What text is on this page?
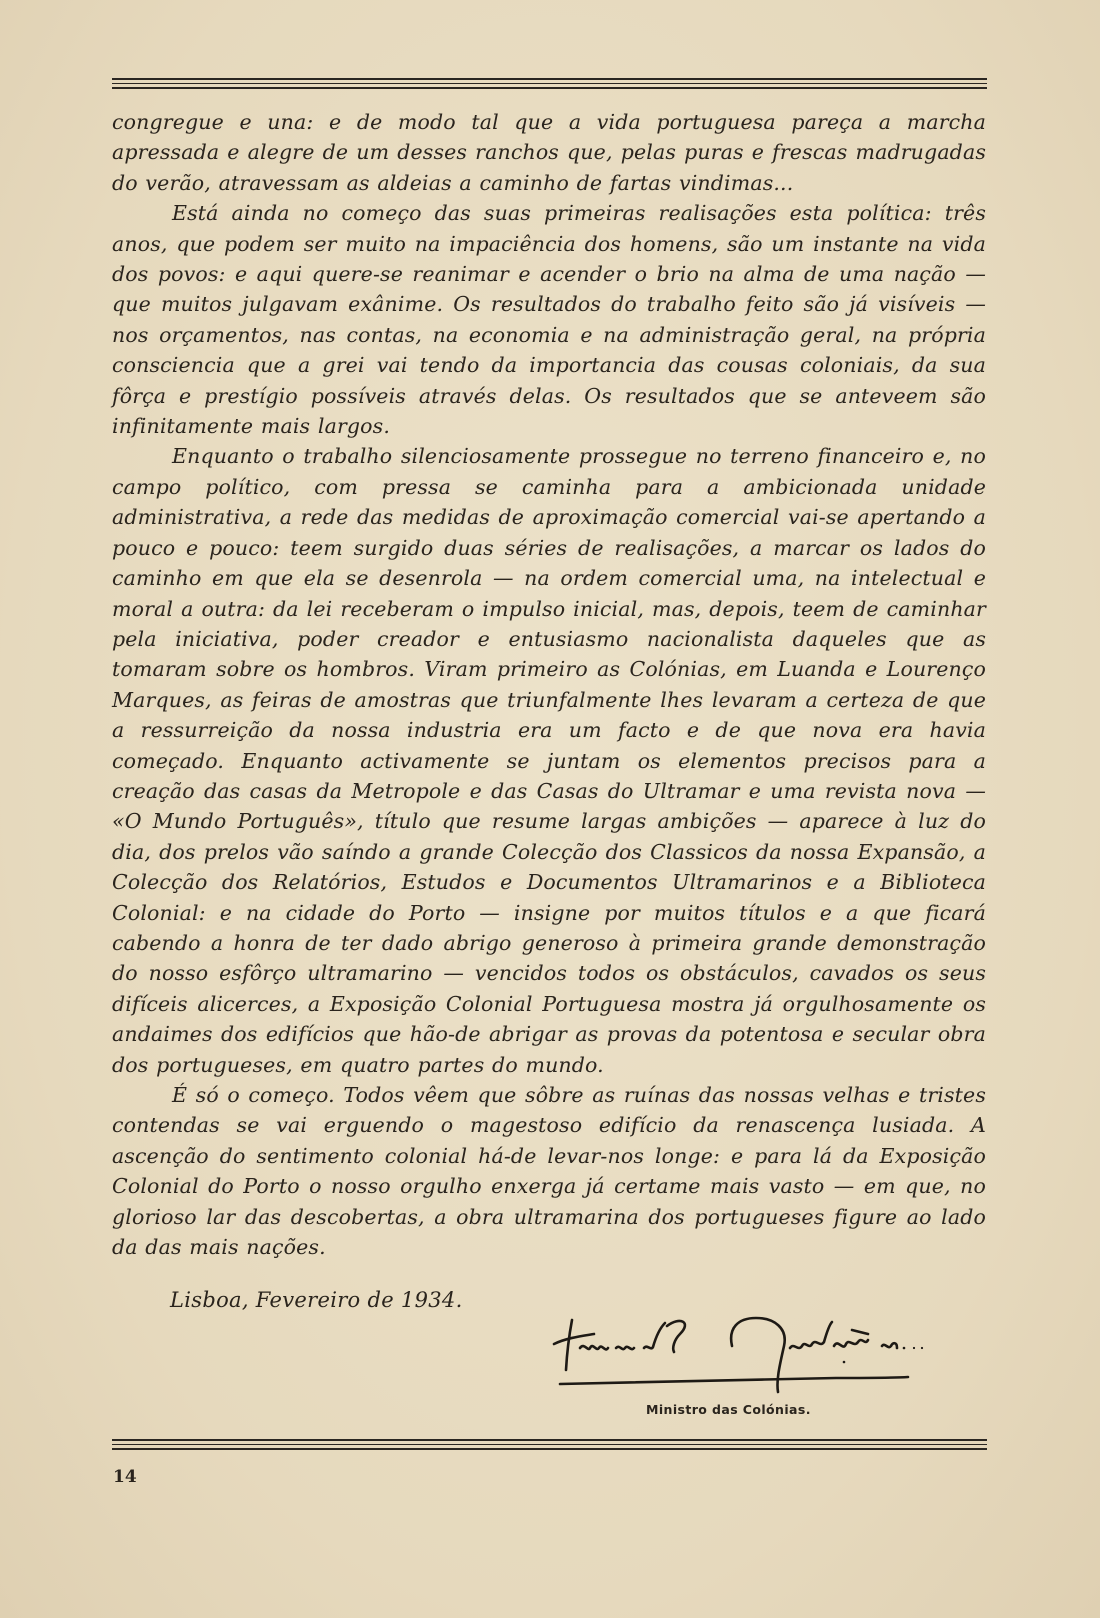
congregue e una: e de modo tal que a vida portuguesa pareça a marcha apressada e alegre de um desses ranchos que, pelas puras e frescas madrugadas do verão, atravessam as aldeias a caminho de fartas vindimas...

Está ainda no começo das suas primeiras realisações esta política: três anos, que podem ser muito na impaciência dos homens, são um instante na vida dos povos: e aqui quere-se reanimar e acender o brio na alma de uma nação — que muitos julgavam exânime. Os resultados do trabalho feito são já visíveis — nos orçamentos, nas contas, na economia e na administração geral, na própria consciencia que a grei vai tendo da importancia das cousas coloniais, da sua fôrça e prestígio possíveis através delas. Os resultados que se anteveem são infinitamente mais largos.

Enquanto o trabalho silenciosamente prossegue no terreno financeiro e, no campo político, com pressa se caminha para a ambicionada unidade administrativa, a rede das medidas de aproximação comercial vai-se apertando a pouco e pouco: teem surgido duas séries de realisações, a marcar os lados do caminho em que ela se desenrola — na ordem comercial uma, na intelectual e moral a outra: da lei receberam o impulso inicial, mas, depois, teem de caminhar pela iniciativa, poder creador e entusiasmo nacionalista daqueles que as tomaram sobre os hombros. Viram primeiro as Colónias, em Luanda e Lourenço Marques, as feiras de amostras que triunfalmente lhes levaram a certeza de que a ressurreição da nossa industria era um facto e de que nova era havia começado. Enquanto activamente se juntam os elementos precisos para a creação das casas da Metropole e das Casas do Ultramar e uma revista nova — «O Mundo Português», título que resume largas ambições — aparece à luz do dia, dos prelos vão saíndo a grande Colecção dos Classicos da nossa Expansão, a Colecção dos Relatórios, Estudos e Documentos Ultramarinos e a Biblioteca Colonial: e na cidade do Porto — insigne por muitos títulos e a que ficará cabendo a honra de ter dado abrigo generoso à primeira grande demonstração do nosso esfôrço ultramarino — vencidos todos os obstáculos, cavados os seus difíceis alicerces, a Exposição Colonial Portuguesa mostra já orgulhosamente os andaimes dos edifícios que hão-de abrigar as provas da potentosa e secular obra dos portugueses, em quatro partes do mundo.

É só o começo. Todos vêem que sôbre as ruínas das nossas velhas e tristes contendas se vai erguendo o magestoso edifício da renascença lusiada. A ascenção do sentimento colonial há-de levar-nos longe: e para lá da Exposição Colonial do Porto o nosso orgulho enxerga já certame mais vasto — em que, no glorioso lar das descobertas, a obra ultramarina dos portugueses figure ao lado da das mais nações.

Lisboa, Fevereiro de 1934.
Ministro das Colónias.
14
